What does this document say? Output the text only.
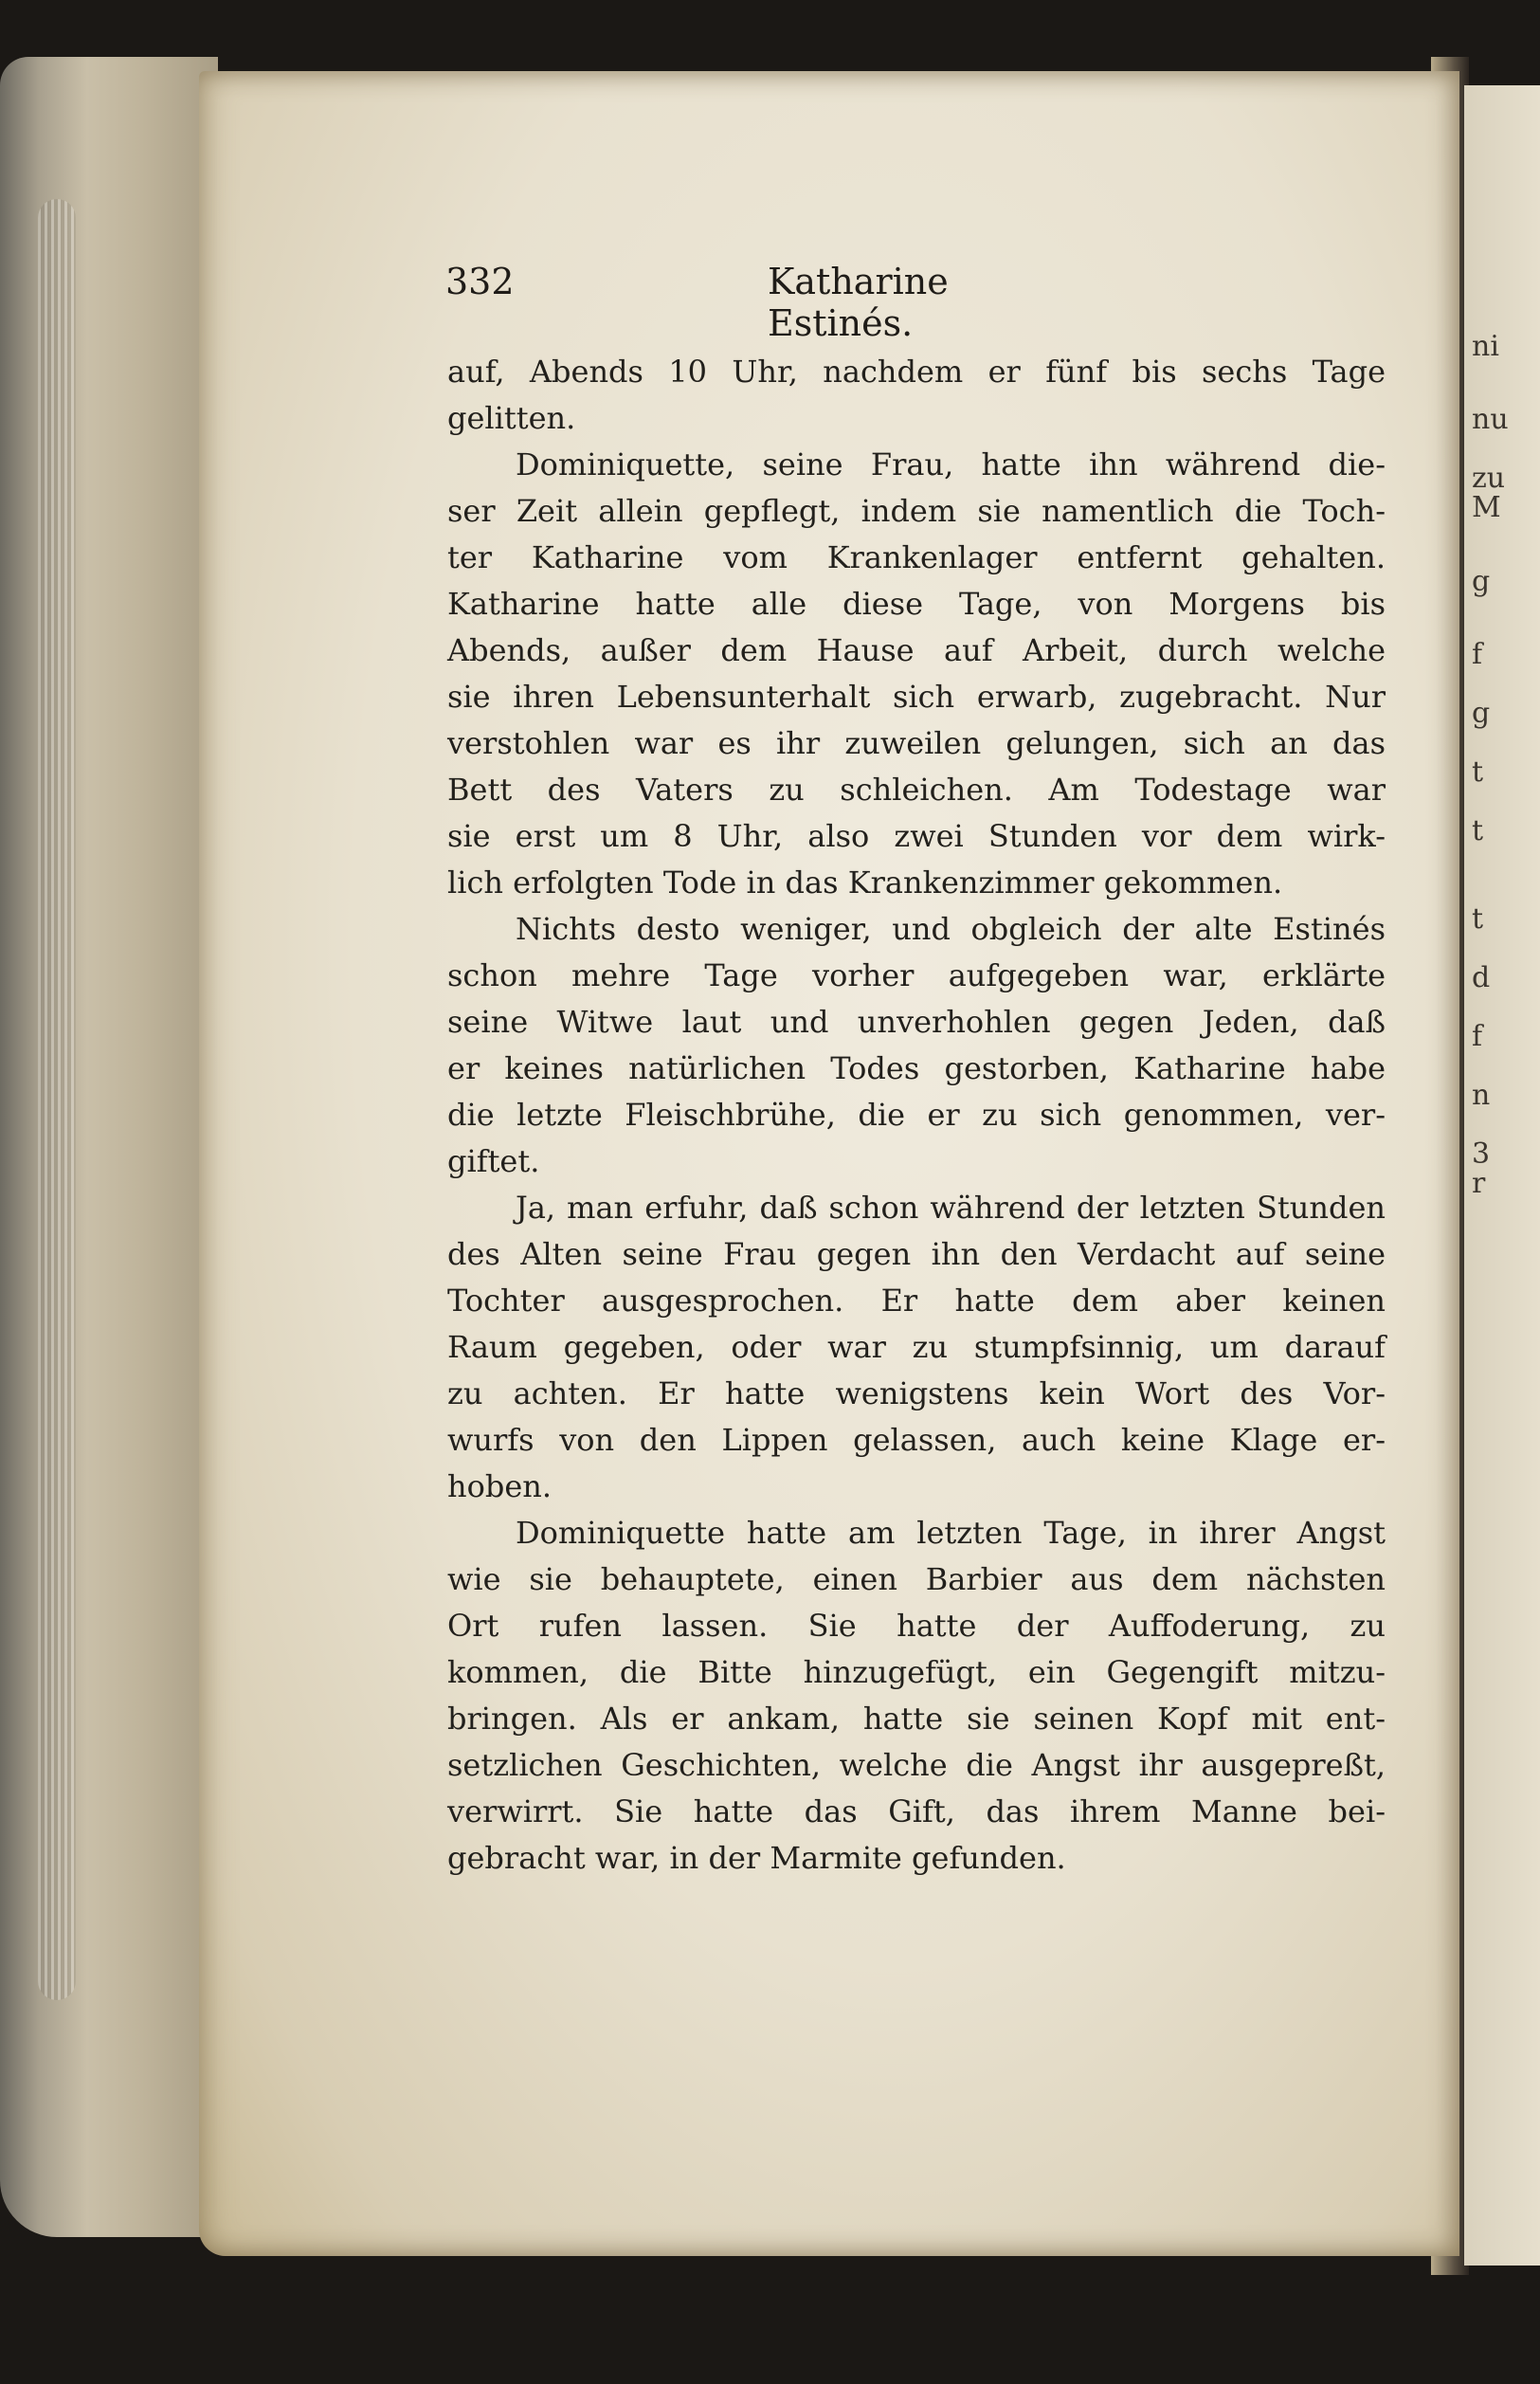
ni
nu
zu
M
g
f
g
t
t
t
d
f
n
3
r
332	Katharine Estinés.
auf, Abends 10 Uhr, nachdem er fünf bis sechs Tage
gelitten.
Dominiquette, seine Frau, hatte ihn während die-
ser Zeit allein gepflegt, indem sie namentlich die Toch-
ter Katharine vom Krankenlager entfernt gehalten.
Katharine hatte alle diese Tage, von Morgens bis
Abends, außer dem Hause auf Arbeit, durch welche
sie ihren Lebensunterhalt sich erwarb, zugebracht. Nur
verstohlen war es ihr zuweilen gelungen, sich an das
Bett des Vaters zu schleichen. Am Todestage war
sie erst um 8 Uhr, also zwei Stunden vor dem wirk-
lich erfolgten Tode in das Krankenzimmer gekommen.
Nichts desto weniger, und obgleich der alte Estinés
schon mehre Tage vorher aufgegeben war, erklärte
seine Witwe laut und unverhohlen gegen Jeden, daß
er keines natürlichen Todes gestorben, Katharine habe
die letzte Fleischbrühe, die er zu sich genommen, ver-
giftet.
Ja, man erfuhr, daß schon während der letzten Stunden
des Alten seine Frau gegen ihn den Verdacht auf seine
Tochter ausgesprochen. Er hatte dem aber keinen
Raum gegeben, oder war zu stumpfsinnig, um darauf
zu achten. Er hatte wenigstens kein Wort des Vor-
wurfs von den Lippen gelassen, auch keine Klage er-
hoben.
Dominiquette hatte am letzten Tage, in ihrer Angst
wie sie behauptete, einen Barbier aus dem nächsten
Ort rufen lassen. Sie hatte der Auffoderung, zu
kommen, die Bitte hinzugefügt, ein Gegengift mitzu-
bringen. Als er ankam, hatte sie seinen Kopf mit ent-
setzlichen Geschichten, welche die Angst ihr ausgepreßt,
verwirrt. Sie hatte das Gift, das ihrem Manne bei-
gebracht war, in der Marmite gefunden.
